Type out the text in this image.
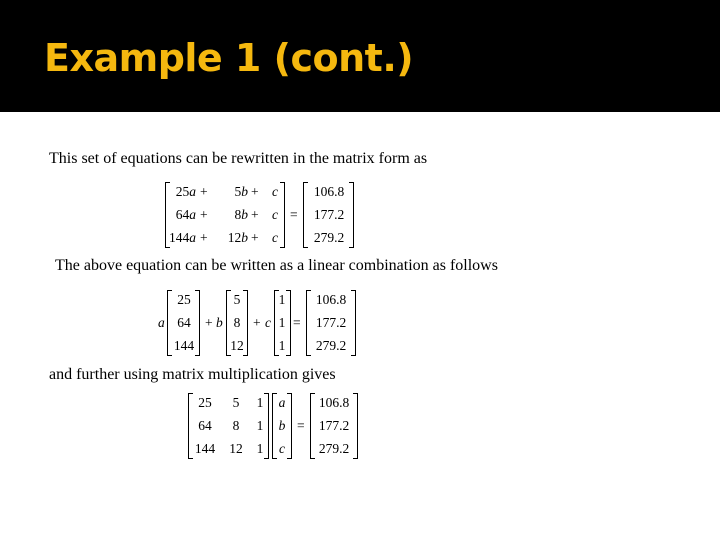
Example 1 (cont.)
This set of equations can be rewritten in the matrix form as
25a +	5b + c
64a +	8b + c
144a +	12b + c
=
106.8
177.2
279.2
The above equation can be written as a linear combination as follows
a
25
64
144
+ b
5
8
12
+ c
1
1
1
=
106.8
177.2
279.2
and further using matrix multiplication gives
25	5	1
64	8	1
144 12 1
a
b
c
=
106.8
177.2
279.2
